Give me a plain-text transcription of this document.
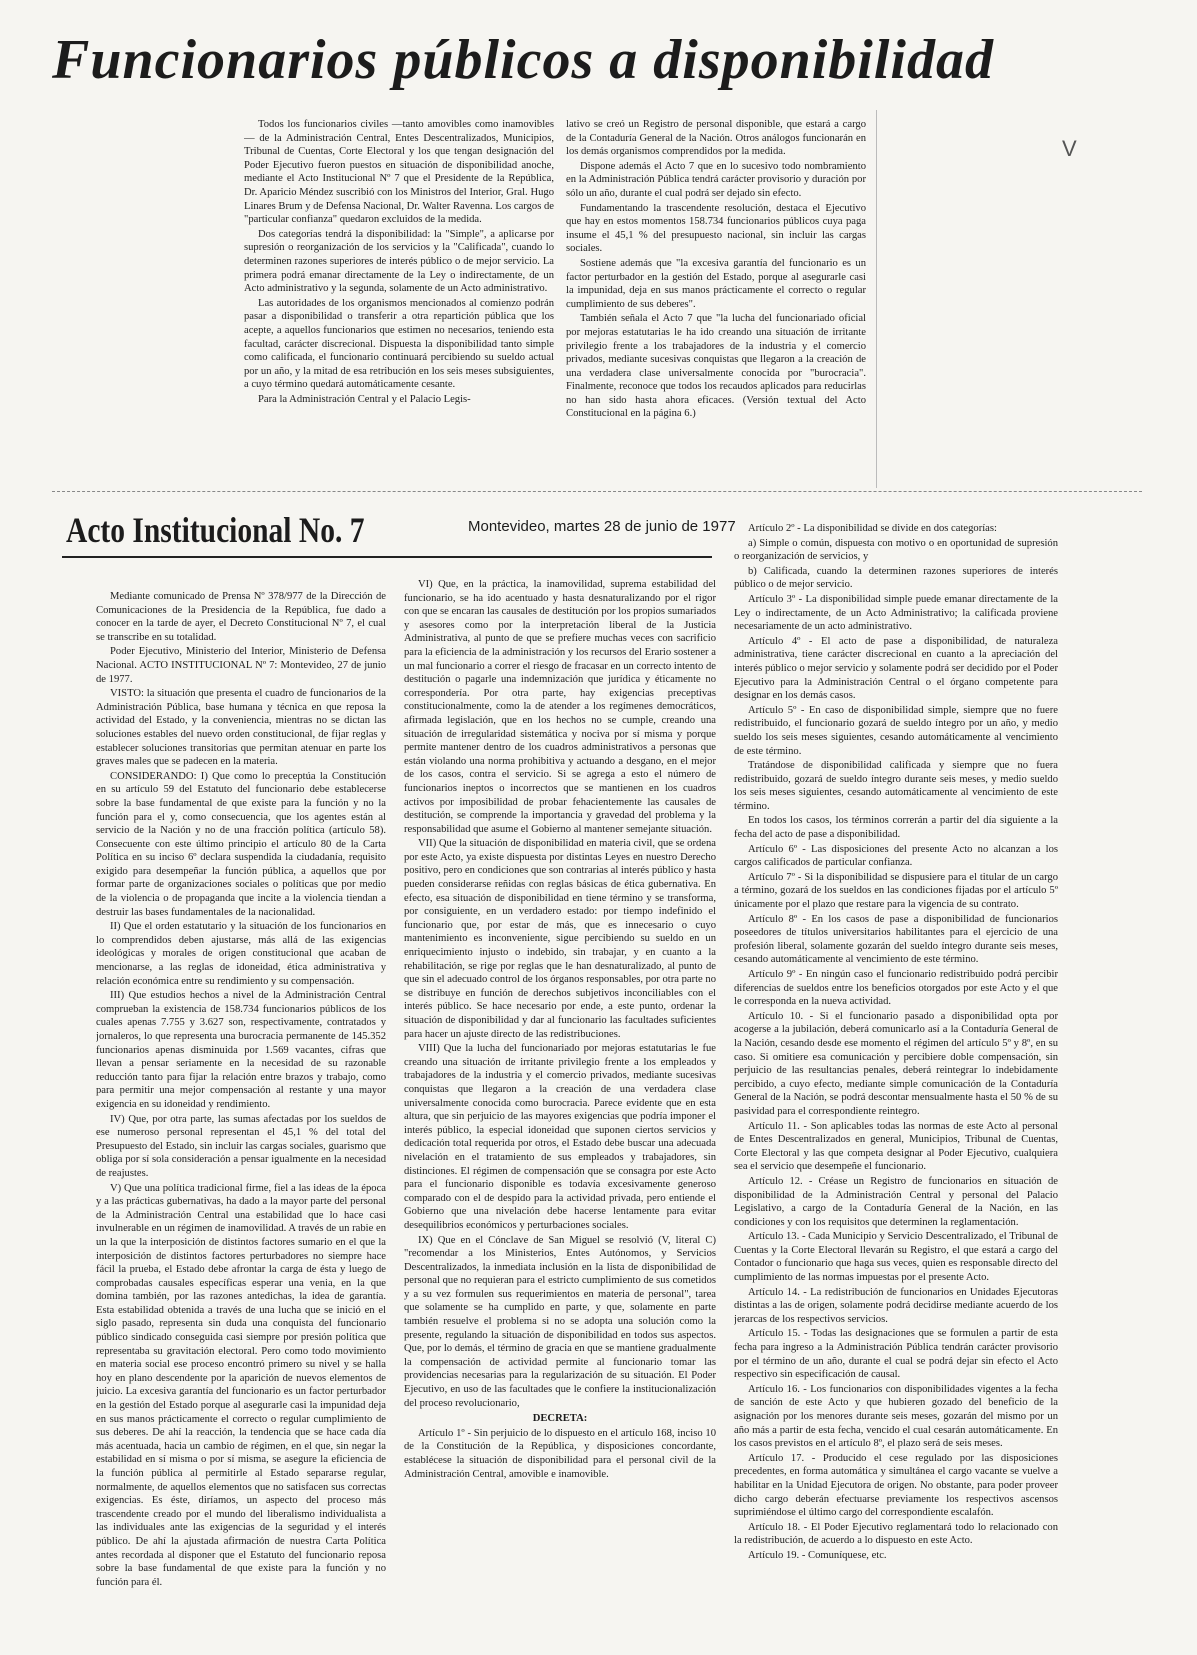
Funcionarios públicos a disponibilidad

Todos los funcionarios civiles —tanto amovibles como inamovibles— de la Administración Central, Entes Descentralizados, Municipios, Tribunal de Cuentas, Corte Electoral y los que tengan designación del Poder Ejecutivo fueron puestos en situación de disponibilidad anoche, mediante el Acto Institucional Nº 7 que el Presidente de la República, Dr. Aparicio Méndez suscribió con los Ministros del Interior, Gral. Hugo Linares Brum y de Defensa Nacional, Dr. Walter Ravenna. Los cargos de "particular confianza" quedaron excluidos de la medida.

Dos categorías tendrá la disponibilidad: la "Simple", a aplicarse por supresión o reorganización de los servicios y la "Calificada", cuando lo determinen razones superiores de interés público o de mejor servicio. La primera podrá emanar directamente de la Ley o indirectamente, de un Acto administrativo y la segunda, solamente de un Acto administrativo.

Las autoridades de los organismos mencionados al comienzo podrán pasar a disponibilidad o transferir a otra repartición pública que los acepte, a aquellos funcionarios que estimen no necesarios, teniendo esta facultad, carácter discrecional. Dispuesta la disponibilidad tanto simple como calificada, el funcionario continuará percibiendo su sueldo actual por un año, y la mitad de esa retribución en los seis meses subsiguientes, a cuyo término quedará automáticamente cesante.

Para la Administración Central y el Palacio Legis-

lativo se creó un Registro de personal disponible, que estará a cargo de la Contaduría General de la Nación. Otros análogos funcionarán en los demás organismos comprendidos por la medida.

Dispone además el Acto 7 que en lo sucesivo todo nombramiento en la Administración Pública tendrá carácter provisorio y duración por sólo un año, durante el cual podrá ser dejado sin efecto.

Fundamentando la trascendente resolución, destaca el Ejecutivo que hay en estos momentos 158.734 funcionarios públicos cuya paga insume el 45,1 % del presupuesto nacional, sin incluir las cargas sociales.

Sostiene además que "la excesiva garantía del funcionario es un factor perturbador en la gestión del Estado, porque al asegurarle casi la impunidad, deja en sus manos prácticamente el correcto o regular cumplimiento de sus deberes".

También señala el Acto 7 que "la lucha del funcionariado oficial por mejoras estatutarias le ha ido creando una situación de irritante privilegio frente a los trabajadores de la industria y el comercio privados, mediante sucesivas conquistas que llegaron a la creación de una verdadera clase universalmente conocida por "burocracia". Finalmente, reconoce que todos los recaudos aplicados para reducirlas no han sido hasta ahora eficaces. (Versión textual del Acto Constitucional en la página 6.)

V
Acto Institucional No. 7	Montevideo, martes 28 de junio de 1977

Mediante comunicado de Prensa Nº 378/977 de la Dirección de Comunicaciones de la Presidencia de la República, fue dado a conocer en la tarde de ayer, el Decreto Constitucional Nº 7, el cual se transcribe en su totalidad.

Poder Ejecutivo, Ministerio del Interior, Ministerio de Defensa Nacional. ACTO INSTITUCIONAL Nº 7: Montevideo, 27 de junio de 1977.

VISTO: la situación que presenta el cuadro de funcionarios de la Administración Pública, base humana y técnica en que reposa la actividad del Estado, y la conveniencia, mientras no se dictan las soluciones estables del nuevo orden constitucional, de fijar reglas y establecer soluciones transitorias que permitan atenuar en parte los graves males que se padecen en la materia.

CONSIDERANDO: I) Que como lo preceptúa la Constitución en su artículo 59 del Estatuto del funcionario debe establecerse sobre la base fundamental de que existe para la función y no la función para el y, como consecuencia, que los agentes están al servicio de la Nación y no de una fracción política (artículo 58). Consecuente con este último principio el artículo 80 de la Carta Política en su inciso 6º declara suspendida la ciudadanía, requisito exigido para desempeñar la función pública, a aquellos que por formar parte de organizaciones sociales o políticas que por medio de la violencia o de propaganda que incite a la violencia tiendan a destruir las bases fundamentales de la nacionalidad.

II) Que el orden estatutario y la situación de los funcionarios en lo comprendidos deben ajustarse, más allá de las exigencias ideológicas y morales de origen constitucional que acaban de mencionarse, a las reglas de idoneidad, ética administrativa y relación económica entre su rendimiento y su compensación.

III) Que estudios hechos a nivel de la Administración Central comprueban la existencia de 158.734 funcionarios públicos de los cuales apenas 7.755 y 3.627 son, respectivamente, contratados y jornaleros, lo que representa una burocracia permanente de 145.352 funcionarios apenas disminuida por 1.569 vacantes, cifras que llevan a pensar seriamente en la necesidad de su razonable reducción tanto para fijar la relación entre brazos y trabajo, como para permitir una mejor compensación al restante y una mayor exigencia en su idoneidad y rendimiento.

IV) Que, por otra parte, las sumas afectadas por los sueldos de ese numeroso personal representan el 45,1 % del total del Presupuesto del Estado, sin incluir las cargas sociales, guarismo que obliga por sí sola consideración a pensar igualmente en la necesidad de reajustes.

V) Que una política tradicional firme, fiel a las ideas de la época y a las prácticas gubernativas, ha dado a la mayor parte del personal de la Administración Central una estabilidad que lo hace casi invulnerable en un régimen de inamovilidad. A través de un rabie en un la que la interposición de distintos factores sumario en el que la interposición de distintos factores perturbadores no siempre hace fácil la prueba, el Estado debe afrontar la carga de ésta y luego de comprobadas causales específicas esperar una venia, en la que domina también, por las razones antedichas, la idea de garantía. Esta estabilidad obtenida a través de una lucha que se inició en el siglo pasado, representa sin duda una conquista del funcionario público sindicado conseguida casi siempre por presión política que representaba su gravitación electoral. Pero como todo movimiento en materia social ese proceso encontró primero su nivel y se halla hoy en plano descendente por la aparición de nuevos elementos de juicio. La excesiva garantía del funcionario es un factor perturbador en la gestión del Estado porque al asegurarle casi la impunidad deja en sus manos prácticamente el correcto o regular cumplimiento de sus deberes. De ahí la reacción, la tendencia que se hace cada día más acentuada, hacia un cambio de régimen, en el que, sin negar la estabilidad en sí misma o por sí misma, se asegure la eficiencia de la función pública al permitirle al Estado separarse regular, normalmente, de aquellos elementos que no satisfacen sus correctas exigencias. Es éste, diríamos, un aspecto del proceso más trascendente creado por el mundo del liberalismo individualista a las individuales ante las exigencias de la seguridad y el interés público. De ahí la ajustada afirmación de nuestra Carta Política antes recordada al disponer que el Estatuto del funcionario reposa sobre la base fundamental de que existe para la función y no función para él.

VI) Que, en la práctica, la inamovilidad, suprema estabilidad del funcionario, se ha ido acentuado y hasta desnaturalizando por el rigor con que se encaran las causales de destitución por los propios sumariados y asesores como por la interpretación liberal de la Justicia Administrativa, al punto de que se prefiere muchas veces con sacrificio para la eficiencia de la administración y los recursos del Erario sostener a un mal funcionario a correr el riesgo de fracasar en un correcto intento de destitución o pagarle una indemnización que jurídica y éticamente no correspondería. Por otra parte, hay exigencias preceptivas constitucionalmente, como la de atender a los regímenes democráticos, afirmada legislación, que en los hechos no se cumple, creando una situación de irregularidad sistemática y nociva por sí misma y porque permite mantener dentro de los cuadros administrativos a personas que están violando una norma prohibitiva y actuando a desgano, en el mejor de los casos, contra el servicio. Si se agrega a esto el número de funcionarios ineptos o incorrectos que se mantienen en los cuadros activos por imposibilidad de probar fehacientemente las causales de destitución, se comprende la importancia y gravedad del problema y la responsabilidad que asume el Gobierno al mantener semejante situación.

VII) Que la situación de disponibilidad en materia civil, que se ordena por este Acto, ya existe dispuesta por distintas Leyes en nuestro Derecho positivo, pero en condiciones que son contrarias al interés público y hasta pueden considerarse reñidas con reglas básicas de ética gubernativa. En efecto, esa situación de disponibilidad en tiene término y se transforma, por consiguiente, en un verdadero estado: por tiempo indefinido el funcionario que, por estar de más, que es innecesario o cuyo mantenimiento es inconveniente, sigue percibiendo su sueldo en un enriquecimiento injusto o indebido, sin trabajar, y en cuanto a la rehabilitación, se rige por reglas que le han desnaturalizado, al punto de que sin el adecuado control de los órganos responsables, por otra parte no se distribuye en función de derechos subjetivos inconciliables con el interés público. Se hace necesario por ende, a este punto, ordenar la situación de disponibilidad y dar al funcionario las facultades suficientes para hacer un ajuste directo de las redistribuciones.

VIII) Que la lucha del funcionariado por mejoras estatutarias le fue creando una situación de irritante privilegio frente a los empleados y trabajadores de la industria y el comercio privados, mediante sucesivas conquistas que llegaron a la creación de una verdadera clase universalmente conocida como burocracia. Parece evidente que en esta altura, que sin perjuicio de las mayores exigencias que podría imponer el interés público, la especial idoneidad que suponen ciertos servicios y dedicación total requerida por otros, el Estado debe buscar una adecuada nivelación en el tratamiento de sus empleados y trabajadores, sin distinciones. El régimen de compensación que se consagra por este Acto para el funcionario disponible es todavía excesivamente generoso comparado con el de despido para la actividad privada, pero entiende el Gobierno que una nivelación debe hacerse lentamente para evitar desequilibrios económicos y perturbaciones sociales.

IX) Que en el Cónclave de San Miguel se resolvió (V, literal C) "recomendar a los Ministerios, Entes Autónomos, y Servicios Descentralizados, la inmediata inclusión en la lista de disponibilidad de personal que no requieran para el estricto cumplimiento de sus cometidos y a su vez formulen sus requerimientos en materia de personal", tarea que solamente se ha cumplido en parte, y que, solamente en parte también resuelve el problema si no se adopta una solución como la presente, regulando la situación de disponibilidad en todos sus aspectos. Que, por lo demás, el término de gracia en que se mantiene gradualmente la compensación de actividad permite al funcionario tomar las providencias necesarias para la regularización de su situación. El Poder Ejecutivo, en uso de las facultades que le confiere la institucionalización del proceso revolucionario,

DECRETA:

Artículo 1º - Sin perjuicio de lo dispuesto en el artículo 168, inciso 10 de la Constitución de la República, y disposiciones concordante, establécese la situación de disponibilidad para el personal civil de la Administración Central, amovible e inamovible.

Artículo 2º - La disponibilidad se divide en dos categorías:

a) Simple o común, dispuesta con motivo o en oportunidad de supresión o reorganización de servicios, y

b) Calificada, cuando la determinen razones superiores de interés público o de mejor servicio.

Artículo 3º - La disponibilidad simple puede emanar directamente de la Ley o indirectamente, de un Acto Administrativo; la calificada proviene necesariamente de un acto administrativo.

Artículo 4º - El acto de pase a disponibilidad, de naturaleza administrativa, tiene carácter discrecional en cuanto a la apreciación del interés público o mejor servicio y solamente podrá ser decidido por el Poder Ejecutivo para la Administración Central o el órgano competente para designar en los demás casos.

Artículo 5º - En caso de disponibilidad simple, siempre que no fuere redistribuido, el funcionario gozará de sueldo íntegro por un año, y medio sueldo los seis meses siguientes, cesando automáticamente al vencimiento de este término.

Tratándose de disponibilidad calificada y siempre que no fuera redistribuido, gozará de sueldo íntegro durante seis meses, y medio sueldo los seis meses siguientes, cesando automáticamente al vencimiento de este término.

En todos los casos, los términos correrán a partir del día siguiente a la fecha del acto de pase a disponibilidad.

Artículo 6º - Las disposiciones del presente Acto no alcanzan a los cargos calificados de particular confianza.

Artículo 7º - Si la disponibilidad se dispusiere para el titular de un cargo a término, gozará de los sueldos en las condiciones fijadas por el artículo 5º únicamente por el plazo que restare para la vigencia de su contrato.

Artículo 8º - En los casos de pase a disponibilidad de funcionarios poseedores de títulos universitarios habilitantes para el ejercicio de una profesión liberal, solamente gozarán del sueldo íntegro durante seis meses, cesando automáticamente al vencimiento de este término.

Artículo 9º - En ningún caso el funcionario redistribuido podrá percibir diferencias de sueldos entre los beneficios otorgados por este Acto y el que le corresponda en la nueva actividad.

Artículo 10. - Si el funcionario pasado a disponibilidad opta por acogerse a la jubilación, deberá comunicarlo así a la Contaduría General de la Nación, cesando desde ese momento el régimen del artículo 5º y 8º, en su caso. Si omitiere esa comunicación y percibiere doble compensación, sin perjuicio de las resultancias penales, deberá reintegrar lo indebidamente percibido, a cuyo efecto, mediante simple comunicación de la Contaduría General de la Nación, se podrá descontar mensualmente hasta el 50 % de su pasividad para el correspondiente reintegro.

Artículo 11. - Son aplicables todas las normas de este Acto al personal de Entes Descentralizados en general, Municipios, Tribunal de Cuentas, Corte Electoral y las que competa designar al Poder Ejecutivo, cualquiera sea el servicio que desempeñe el funcionario.

Artículo 12. - Créase un Registro de funcionarios en situación de disponibilidad de la Administración Central y personal del Palacio Legislativo, a cargo de la Contaduría General de la Nación, en las condiciones y con los requisitos que determinen la reglamentación.

Artículo 13. - Cada Municipio y Servicio Descentralizado, el Tribunal de Cuentas y la Corte Electoral llevarán su Registro, el que estará a cargo del Contador o funcionario que haga sus veces, quien es responsable directo del cumplimiento de las normas impuestas por el presente Acto.

Artículo 14. - La redistribución de funcionarios en Unidades Ejecutoras distintas a las de origen, solamente podrá decidirse mediante acuerdo de los jerarcas de los respectivos servicios.

Artículo 15. - Todas las designaciones que se formulen a partir de esta fecha para ingreso a la Administración Pública tendrán carácter provisorio por el término de un año, durante el cual se podrá dejar sin efecto el Acto respectivo sin especificación de causal.

Artículo 16. - Los funcionarios con disponibilidades vigentes a la fecha de sanción de este Acto y que hubieren gozado del beneficio de la asignación por los menores durante seis meses, gozarán del mismo por un año más a partir de esta fecha, vencido el cual cesarán automáticamente. En los casos previstos en el artículo 8º, el plazo será de seis meses.

Artículo 17. - Producido el cese regulado por las disposiciones precedentes, en forma automática y simultánea el cargo vacante se vuelve a habilitar en la Unidad Ejecutora de origen. No obstante, para poder proveer dicho cargo deberán efectuarse previamente los respectivos ascensos suprimiéndose el último cargo del correspondiente escalafón.

Artículo 18. - El Poder Ejecutivo reglamentará todo lo relacionado con la redistribución, de acuerdo a lo dispuesto en este Acto.

Artículo 19. - Comuníquese, etc.
